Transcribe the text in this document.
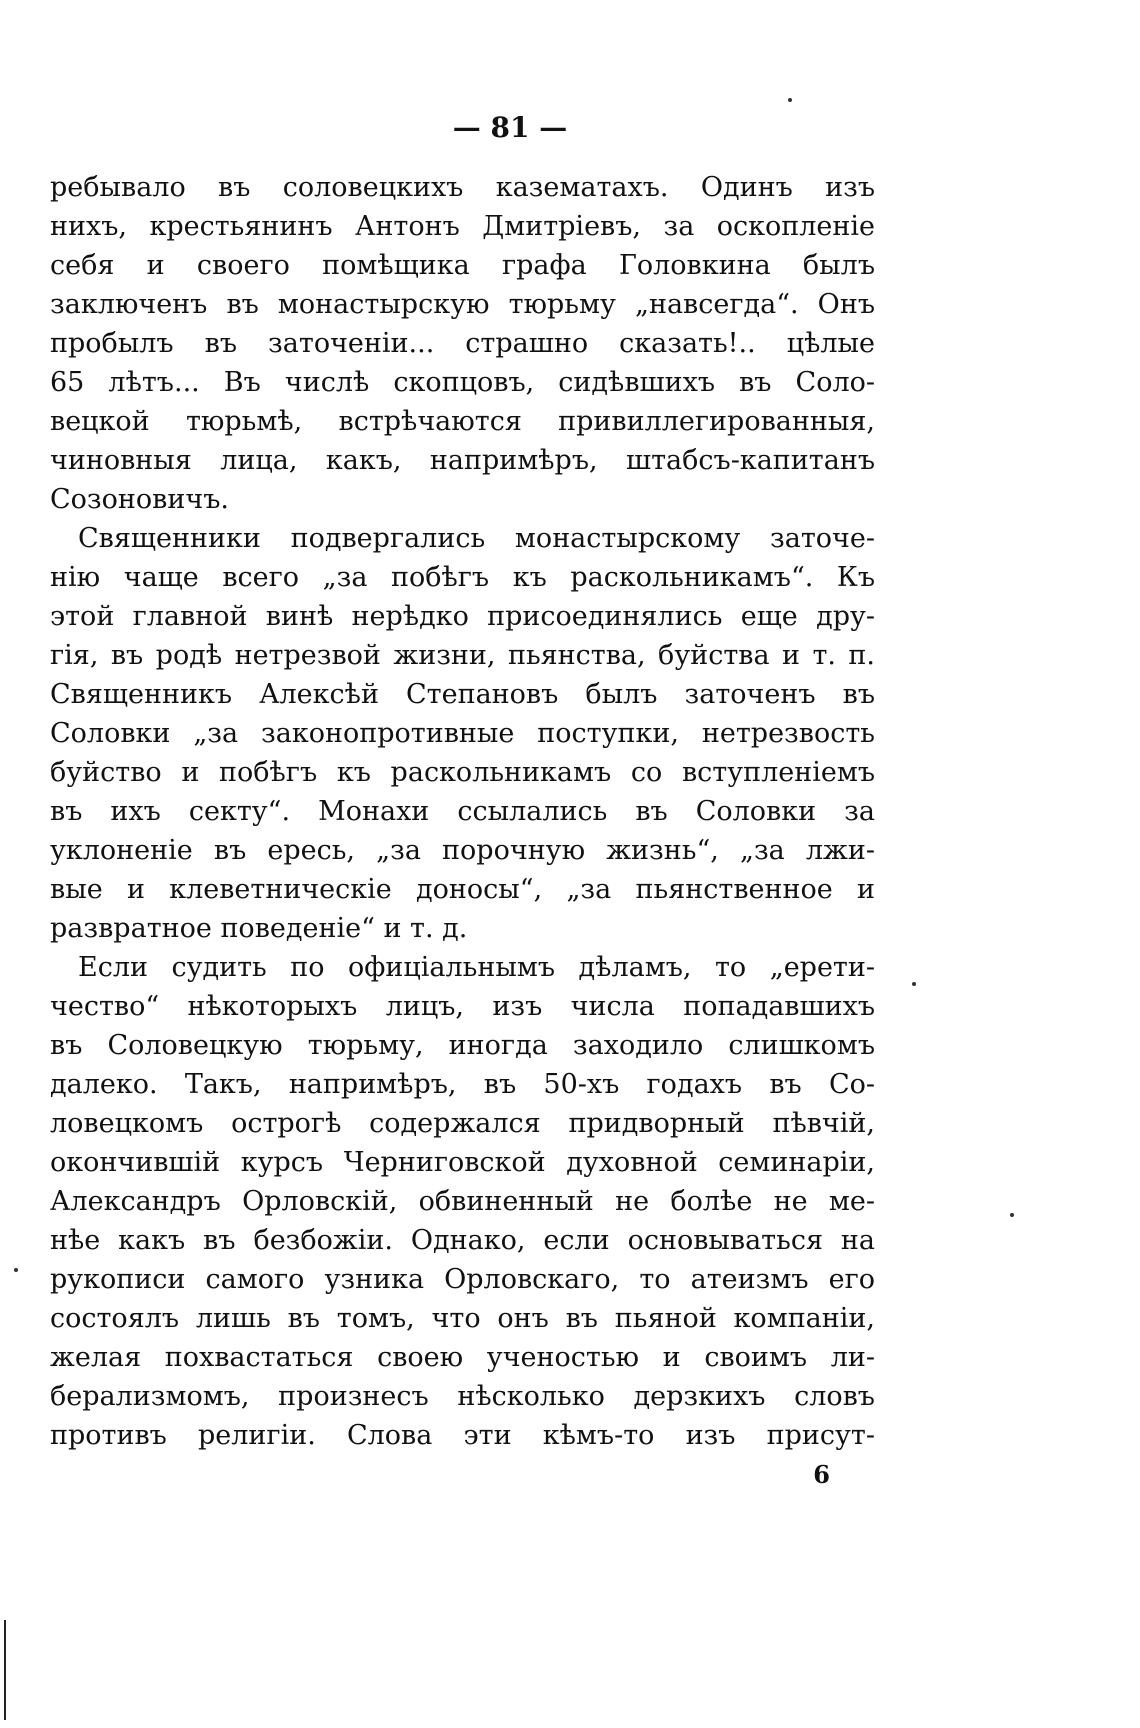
— 81 —
ребывало въ соловецкихъ казематахъ. Одинъ изъ
нихъ, крестьянинъ Антонъ Дмитріевъ, за оскопленіе
себя и своего помѣщика графа Головкина былъ
заключенъ въ монастырскую тюрьму „навсегда“. Онъ
пробылъ въ заточеніи... страшно сказать!.. цѣлые
65 лѣтъ... Въ числѣ скопцовъ, сидѣвшихъ въ Соло-
вецкой тюрьмѣ, встрѣчаются привиллегированныя,
чиновныя лица, какъ, напримѣръ, штабсъ-капитанъ
Созоновичъ.
Священники подвергались монастырскому заточе-
нію чаще всего „за побѣгъ къ раскольникамъ“. Къ
этой главной винѣ нерѣдко присоединялись еще дру-
гія, въ родѣ нетрезвой жизни, пьянства, буйства и т. п.
Священникъ Алексѣй Степановъ былъ заточенъ въ
Соловки „за законопротивные поступки, нетрезвость
буйство и побѣгъ къ раскольникамъ со вступленіемъ
въ ихъ секту“. Монахи ссылались въ Соловки за
уклоненіе въ ересь, „за порочную жизнь“, „за лжи-
вые и клеветническіе доносы“, „за пьянственное и
развратное поведеніе“ и т. д.
Если судить по офиціальнымъ дѣламъ, то „ерети-
чество“ нѣкоторыхъ лицъ, изъ числа попадавшихъ
въ Соловецкую тюрьму, иногда заходило слишкомъ
далеко. Такъ, напримѣръ, въ 50-хъ годахъ въ Со-
ловецкомъ острогѣ содержался придворный пѣвчій,
окончившій курсъ Черниговской духовной семинаріи,
Александръ Орловскій, обвиненный не болѣе не ме-
нѣе какъ въ безбожіи. Однако, если основываться на
рукописи самого узника Орловскаго, то атеизмъ его
состоялъ лишь въ томъ, что онъ въ пьяной компаніи,
желая похвастаться своею ученостью и своимъ ли-
берализмомъ, произнесъ нѣсколько дерзкихъ словъ
противъ религіи. Слова эти кѣмъ-то изъ присут-
6
